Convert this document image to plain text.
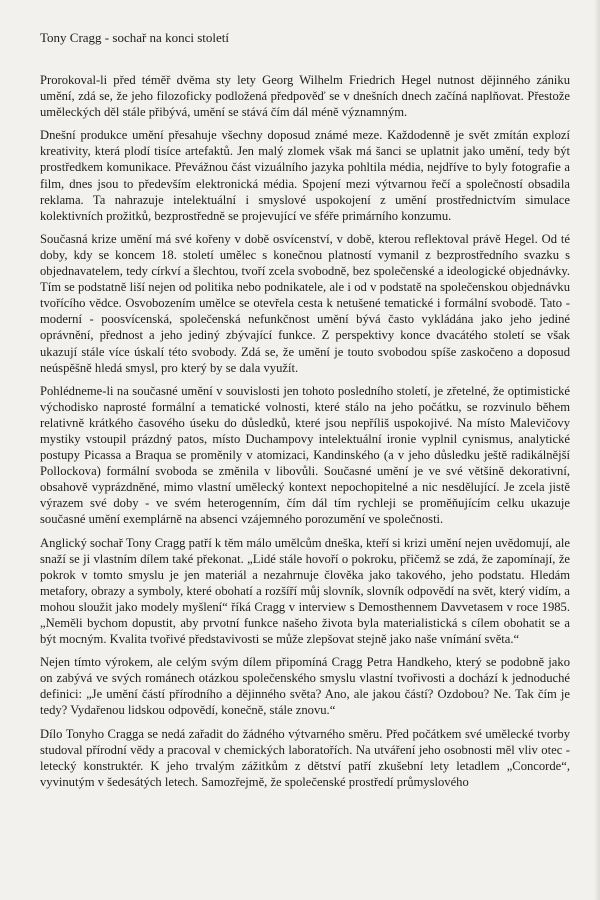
Tony Cragg - sochař na konci století

Prorokoval-li před téměř dvěma sty lety Georg Wilhelm Friedrich Hegel nutnost dějinného zániku umění, zdá se, že jeho filozoficky podložená předpověď se v dnešních dnech začíná naplňovat. Přestože uměleckých děl stále přibývá, umění se stává čím dál méně významným.

Dnešní produkce umění přesahuje všechny doposud známé meze. Každodenně je svět zmítán explozí kreativity, která plodí tisíce artefaktů. Jen malý zlomek však má šanci se uplatnit jako umění, tedy být prostředkem komunikace. Převážnou část vizuálního jazyka pohltila média, nejdříve to byly fotografie a film, dnes jsou to především elektronická média. Spojení mezi výtvarnou řečí a společností obsadila reklama. Ta nahrazuje intelektuální i smyslové uspokojení z umění prostřednictvím simulace kolektivních prožitků, bezprostředně se projevující ve sféře primárního konzumu.

Současná krize umění má své kořeny v době osvícenství, v době, kterou reflektoval právě Hegel. Od té doby, kdy se koncem 18. století umělec s konečnou platností vymanil z bezprostředního svazku s objednavatelem, tedy církví a šlechtou, tvoří zcela svobodně, bez společenské a ideologické objednávky. Tím se podstatně liší nejen od politika nebo podnikatele, ale i od v podstatě na společenskou objednávku tvořícího vědce. Osvobozením umělce se otevřela cesta k netušené tematické i formální svobodě. Tato - moderní - poosvícenská, společenská nefunkčnost umění bývá často vykládána jako jeho jediné oprávnění, přednost a jeho jediný zbývající funkce. Z perspektivy konce dvacátého století se však ukazují stále více úskalí této svobody. Zdá se, že umění je touto svobodou spíše zaskočeno a doposud neúspěšně hledá smysl, pro který by se dala využít.

Pohlédneme-li na současné umění v souvislosti jen tohoto posledního století, je zřetelné, že optimistické východisko naprosté formální a tematické volnosti, které stálo na jeho počátku, se rozvinulo během relativně krátkého časového úseku do důsledků, které jsou nepříliš uspokojivé. Na místo Malevičovy mystiky vstoupil prázdný patos, místo Duchampovy intelektuální ironie vyplnil cynismus, analytické postupy Picassa a Braqua se proměnily v atomizaci, Kandinského (a v jeho důsledku ještě radikálnější Pollockova) formální svoboda se změnila v libovůli. Současné umění je ve své většině dekorativní, obsahově vyprázdněné, mimo vlastní umělecký kontext nepochopitelné a nic nesdělující. Je zcela jistě výrazem své doby - ve svém heterogenním, čím dál tím rychleji se proměňujícím celku ukazuje současné umění exemplárně na absenci vzájemného porozumění ve společnosti.

Anglický sochař Tony Cragg patří k těm málo umělcům dneška, kteří si krizi umění nejen uvědomují, ale snaží se ji vlastním dílem také překonat. „Lidé stále hovoří o pokroku, přičemž se zdá, že zapomínají, že pokrok v tomto smyslu je jen materiál a nezahrnuje člověka jako takového, jeho podstatu. Hledám metafory, obrazy a symboly, které obohatí a rozšíří můj slovník, slovník odpovědí na svět, který vidím, a mohou sloužit jako modely myšlení“ říká Cragg v interview s Demosthennem Davvetasem v roce 1985. „Neměli bychom dopustit, aby prvotní funkce našeho života byla materialistická s cílem obohatit se a být mocným. Kvalita tvořivé představivosti se může zlepšovat stejně jako naše vnímání světa.“

Nejen tímto výrokem, ale celým svým dílem připomíná Cragg Petra Handkeho, který se podobně jako on zabývá ve svých románech otázkou společenského smyslu vlastní tvořivosti a dochází k jednoduché definici: „Je umění částí přírodního a dějinného světa? Ano, ale jakou částí? Ozdobou? Ne. Tak čím je tedy? Vydařenou lidskou odpovědí, konečně, stále znovu.“

Dílo Tonyho Cragga se nedá zařadit do žádného výtvarného směru. Před počátkem své umělecké tvorby studoval přírodní vědy a pracoval v chemických laboratořích. Na utváření jeho osobnosti měl vliv otec - letecký konstruktér. K jeho trvalým zážitkům z dětství patří zkušební lety letadlem „Concorde“, vyvinutým v šedesátých letech. Samozřejmě, že společenské prostředí průmyslového
